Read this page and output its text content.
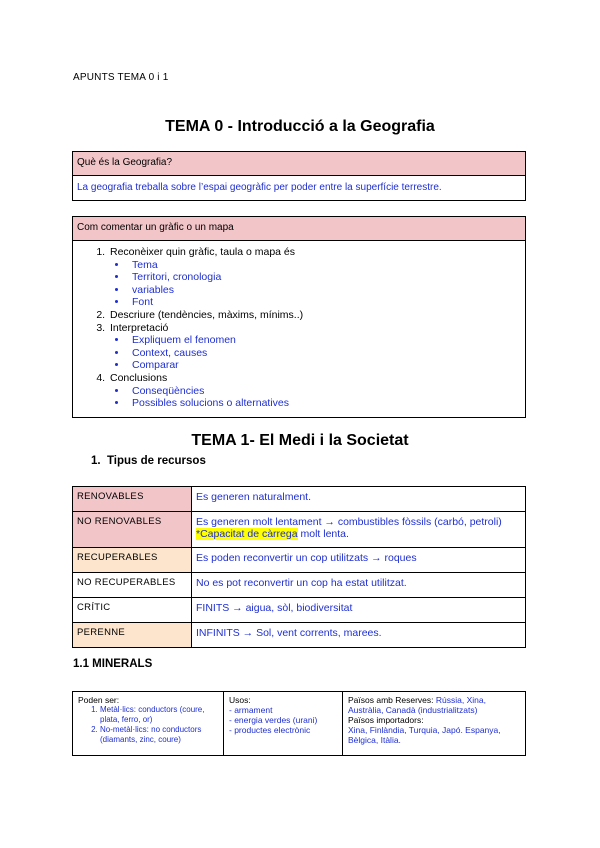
APUNTS TEMA 0 i 1
TEMA 0 - Introducció a la Geografia
Què és la Geografia?
La geografia treballa sobre l’espai geogràfic per poder entre la superfície terrestre.
Com comentar un gràfic o un mapa
1. Reconèixer quin gràfic, taula o mapa és
• Tema
• Territori, cronologia
• variables
• Font
2. Descriure (tendències, màxims, mínims..)
3. Interpretació
• Expliquem el fenomen
• Context, causes
• Comparar
4. Conclusions
• Conseqüències
• Possibles solucions o alternatives
TEMA 1- El Medi i la Societat
1.  Tipus de recursos
RENOVABLES	Es generen naturalment.
NO RENOVABLES	Es generen molt lentament → combustibles fòssils (carbó, petroli)
*Capacitat de càrrega molt lenta.

RECUPERABLES	Es poden reconvertir un cop utilitzats → roques
NO RECUPERABLES	No es pot reconvertir un cop ha estat utilitzat.
CRÍTIC	FINITS → aigua, sòl, biodiversitat
PERENNE	INFINITS → Sol, vent corrents, marees.
1.1 MINERALS
Poden ser:
1. Metàl·lics: conductors (coure, plata, ferro, or)
2. No-metàl·lics: no conductors (diamants, zinc, coure)

Usos:
- armament
- energia verdes (urani)
- productes electrònic

Països amb Reserves: Rússia, Xina, Austràlia, Canadà (industrialitzats)
Països importadors:
Xina, Finlàndia, Turquia, Japó. Espanya, Bèlgica, Itàlia.
